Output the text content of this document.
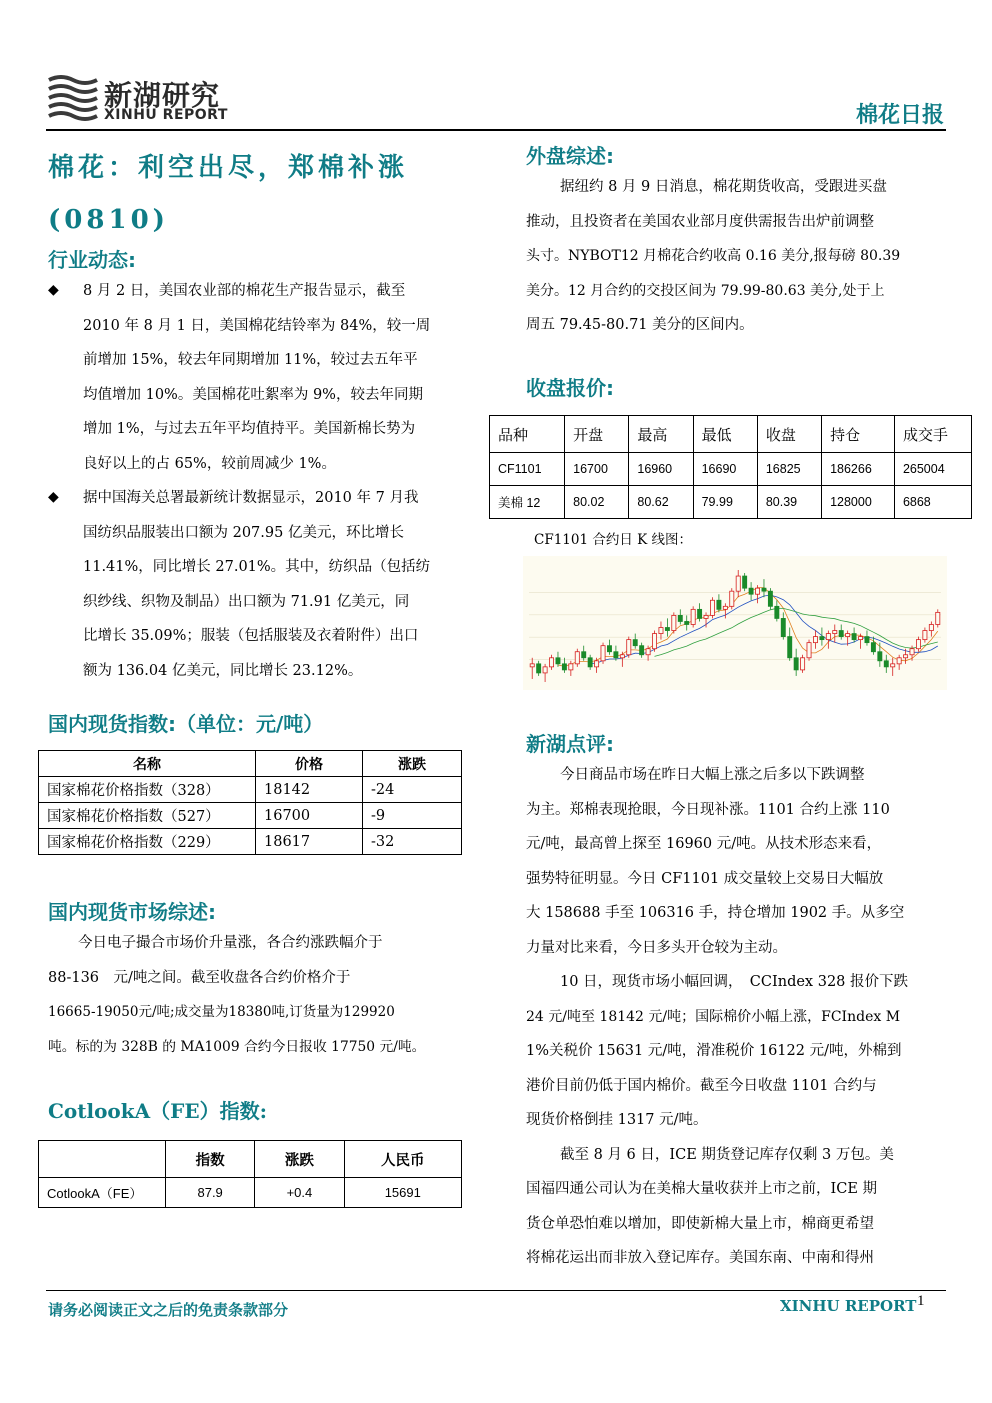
新湖研究
XINHU REPORT	棉花日报
棉花：利空出尽，郑棉补涨
(0810)
行业动态:
◆ 8 月 2 日，美国农业部的棉花生产报告显示，截至
2010 年 8 月 1 日，美国棉花结铃率为 84%，较一周
前增加 15%，较去年同期增加 11%，较过去五年平
均值增加 10%。美国棉花吐絮率为 9%，较去年同期
增加 1%，与过去五年平均值持平。美国新棉长势为
良好以上的占 65%，较前周减少 1%。
◆ 据中国海关总署最新统计数据显示，2010 年 7 月我
国纺织品服装出口额为 207.95 亿美元，环比增长
11.41%，同比增长 27.01%。其中，纺织品（包括纺
织纱线、织物及制品）出口额为 71.91 亿美元，同
比增长 35.09%；服装（包括服装及衣着附件）出口
额为 136.04 亿美元，同比增长 23.12%。
国内现货指数:（单位：元/吨）
名称	价格	涨跌
国家棉花价格指数（328）	18142	-24
国家棉花价格指数（527）	16700	-9
国家棉花价格指数（229）	18617	-32
国内现货市场综述:
今日电子撮合市场价升量涨，各合约涨跌幅介于
88-136　元/吨之间。截至收盘各合约价格介于
16665-19050元/吨;成交量为18380吨,订货量为129920
吨。标的为 328B 的 MA1009 合约今日报收 17750 元/吨。
CotlookA（FE）指数:
	指数	涨跌	人民币
CotlookA（FE）	87.9	+0.4	15691
外盘综述:
据纽约 8 月 9 日消息，棉花期货收高，受跟进买盘
推动，且投资者在美国农业部月度供需报告出炉前调整
头寸。NYBOT12 月棉花合约收高 0.16 美分,报每磅 80.39
美分。12 月合约的交投区间为 79.99-80.63 美分,处于上
周五 79.45-80.71 美分的区间内。
收盘报价:
品种	开盘	最高	最低	收盘	持仓	成交手
CF1101	16700	16960	16690	16825	186266	265004
美棉 12	80.02	80.62	79.99	80.39	128000	6868
CF1101 合约日 K 线图：
新湖点评:
今日商品市场在昨日大幅上涨之后多以下跌调整
为主。郑棉表现抢眼，今日现补涨。1101 合约上涨 110
元/吨，最高曾上探至 16960 元/吨。从技术形态来看，
强势特征明显。今日 CF1101 成交量较上交易日大幅放
大 158688 手至 106316 手，持仓增加 1902 手。从多空
力量对比来看，今日多头开仓较为主动。
10 日，现货市场小幅回调，　CCIndex 328 报价下跌
24 元/吨至 18142 元/吨；国际棉价小幅上涨，FCIndex M
1%关税价 15631 元/吨，滑准税价 16122 元/吨，外棉到
港价目前仍低于国内棉价。截至今日收盘 1101 合约与
现货价格倒挂 1317 元/吨。
截至 8 月 6 日，ICE 期货登记库存仅剩 3 万包。美
国福四通公司认为在美棉大量收获并上市之前，ICE 期
货仓单恐怕难以增加，即使新棉大量上市，棉商更希望
将棉花运出而非放入登记库存。美国东南、中南和得州
请务必阅读正文之后的免责条款部分	XINHU REPORT 1
